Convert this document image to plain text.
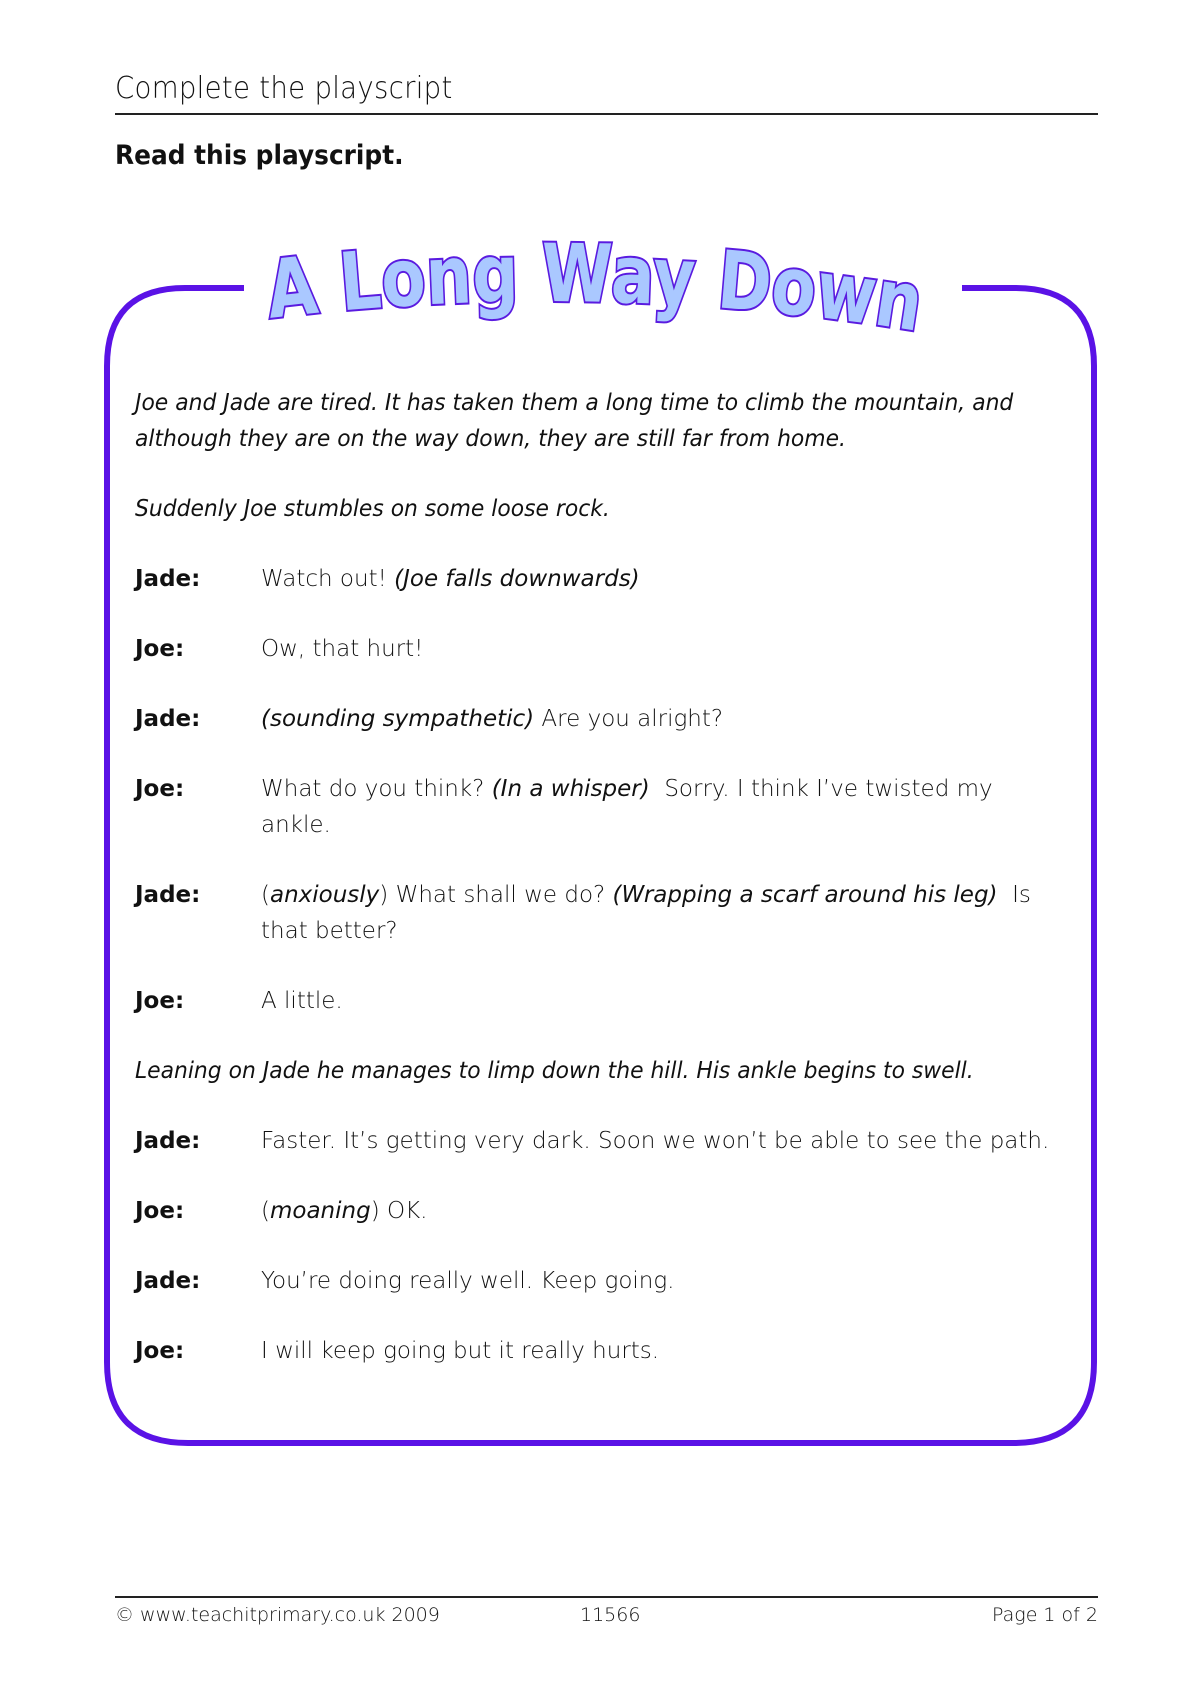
Complete the playscript
Read this playscript.
A Long Way Down

Joe and Jade are tired. It has taken them a long time to climb the mountain, and although they are on the way down, they are still far from home.

Suddenly Joe stumbles on some loose rock.

Jade:	Watch out! (Joe falls downwards)
Joe:	Ow, that hurt!
Jade:	(sounding sympathetic) Are you alright?
Joe:	What do you think? (In a whisper)  Sorry. I think I’ve twisted my ankle.
Jade:	(anxiously) What shall we do? (Wrapping a scarf around his leg)  Is that better?
Joe:	A little.

Leaning on Jade he manages to limp down the hill. His ankle begins to swell.

Jade:	Faster. It’s getting very dark. Soon we won’t be able to see the path.
Joe:	(moaning) OK.
Jade:	You’re doing really well. Keep going.
Joe:	I will keep going but it really hurts.
© www.teachitprimary.co.uk 2009	11566	Page 1 of 2
